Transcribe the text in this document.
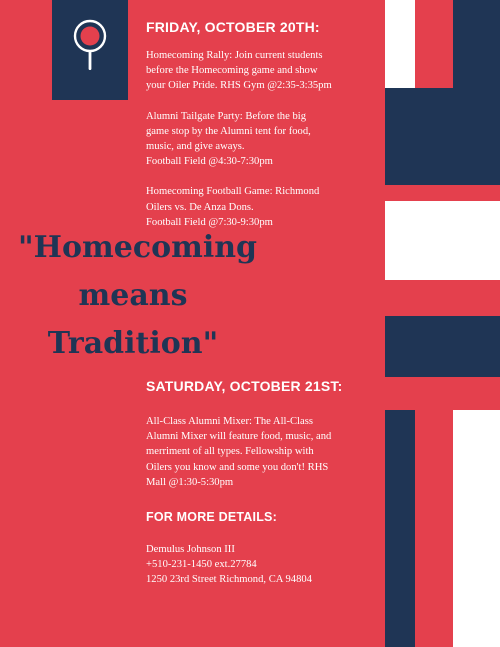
FRIDAY, OCTOBER 20TH:

Homecoming Rally: Join current students
before the Homecoming game and show
your Oiler Pride. RHS Gym @2:35-3:35pm

Alumni Tailgate Party: Before the big
game stop by the Alumni tent for food,
music, and give aways.
Football Field @4:30-7:30pm

Homecoming Football Game: Richmond
Oilers vs. De Anza Dons.
Football Field @7:30-9:30pm

"Homecoming
means
Tradition"
SATURDAY, OCTOBER 21ST:

All-Class Alumni Mixer: The All-Class
Alumni Mixer will feature food, music, and
merriment of all types. Fellowship with
Oilers you know and some you don't! RHS
Mall @1:30-5:30pm

FOR MORE DETAILS:
Demulus Johnson III
+510-231-1450 ext.27784
1250 23rd Street Richmond, CA 94804
